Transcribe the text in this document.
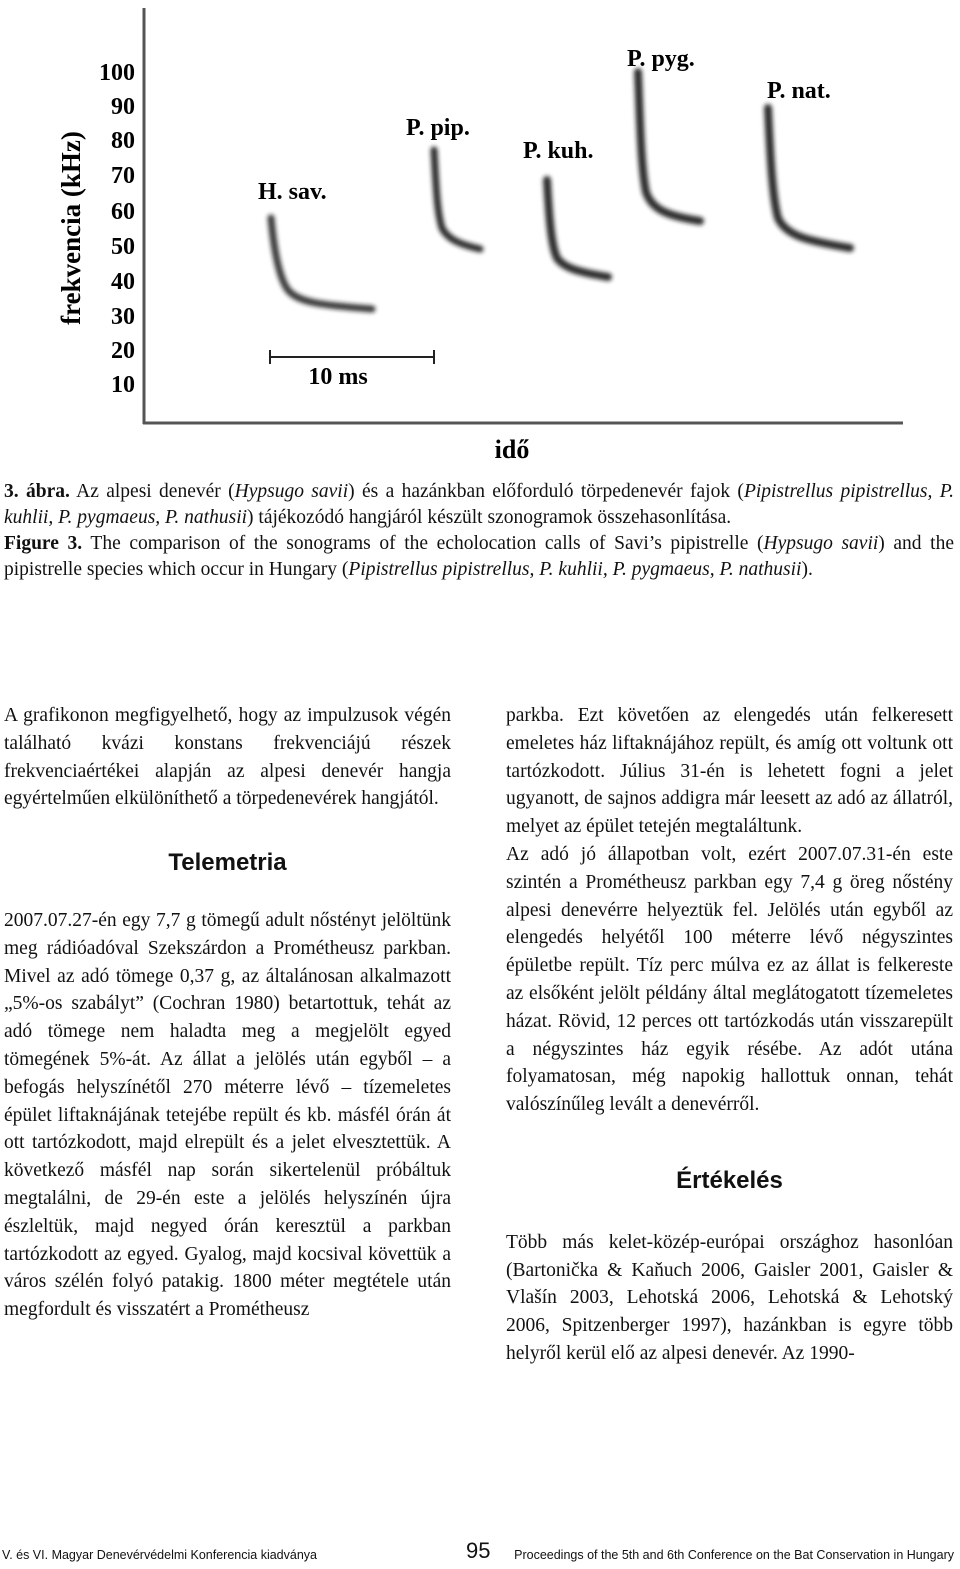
frekvencia (kHz)
100
90
80
70
60
50
40
30
20
10
H. sav.
P. pip.
P. kuh.
P. pyg.
P. nat.
10 ms
idő

3. ábra. Az alpesi denevér (Hypsugo savii) és a hazánkban előforduló törpedenevér fajok (Pipistrellus pipistrellus, P. kuhlii, P. pygmaeus, P. nathusii) tájékozódó hangjáról készült szonogramok összehasonlítása.

Figure 3. The comparison of the sonograms of the echolocation calls of Savi’s pipistrelle (Hypsugo savii) and the pipistrelle species which occur in Hungary (Pipistrellus pipistrellus, P. kuhlii, P. pygmaeus, P. nathusii).

A grafikonon megfigyelhető, hogy az impulzusok végén található kvázi konstans frekvenciájú részek frekvenciaértékei alapján az alpesi denevér hangja egyértelműen elkülöníthető a törpedenevérek hangjától.

Telemetria

2007.07.27-én egy 7,7 g tömegű adult nőstényt jelöltünk meg rádióadóval Szekszárdon a Prométheusz parkban. Mivel az adó tömege 0,37 g, az általánosan alkalmazott „5%-os szabályt” (Cochran 1980) betartottuk, tehát az adó tömege nem haladta meg a megjelölt egyed tömegének 5%-át. Az állat a jelölés után egyből – a befogás helyszínétől 270 méterre lévő – tízemeletes épület liftaknájának tetejébe repült és kb. másfél órán át ott tartózkodott, majd elrepült és a jelet elvesztettük. A következő másfél nap során sikertelenül próbáltuk megtalálni, de 29-én este a jelölés helyszínén újra észleltük, majd negyed órán keresztül a parkban tartózkodott az egyed. Gyalog, majd kocsival követtük a város szélén folyó patakig. 1800 méter megtétele után megfordult és visszatért a Prométheusz

parkba. Ezt követően az elengedés után felkeresett emeletes ház liftaknájához repült, és amíg ott voltunk ott tartózkodott. Július 31-én is lehetett fogni a jelet ugyanott, de sajnos addigra már leesett az adó az állatról, melyet az épület tetején megtaláltunk.

Az adó jó állapotban volt, ezért 2007.07.31-én este szintén a Prométheusz parkban egy 7,4 g öreg nőstény alpesi denevérre helyeztük fel. Jelölés után egyből az elengedés helyétől 100 méterre lévő négyszintes épületbe repült. Tíz perc múlva ez az állat is felkereste az elsőként jelölt példány által meglátogatott tízemeletes házat. Rövid, 12 perces ott tartózkodás után visszarepült a négyszintes ház egyik résébe. Az adót utána folyamatosan, még napokig hallottuk onnan, tehát valószínűleg levált a denevérről.

Értékelés

Több más kelet-közép-európai országhoz hasonlóan (Bartonička & Kaňuch 2006, Gaisler 2001, Gaisler & Vlašín 2003, Lehotská 2006, Lehotská & Lehotský 2006, Spitzenberger 1997), hazánkban is egyre több helyről kerül elő az alpesi denevér. Az 1990-

V. és VI. Magyar Denevérvédelmi Konferencia kiadványa	95 Proceedings of the 5th and 6th Conference on the Bat Conservation in Hungary
